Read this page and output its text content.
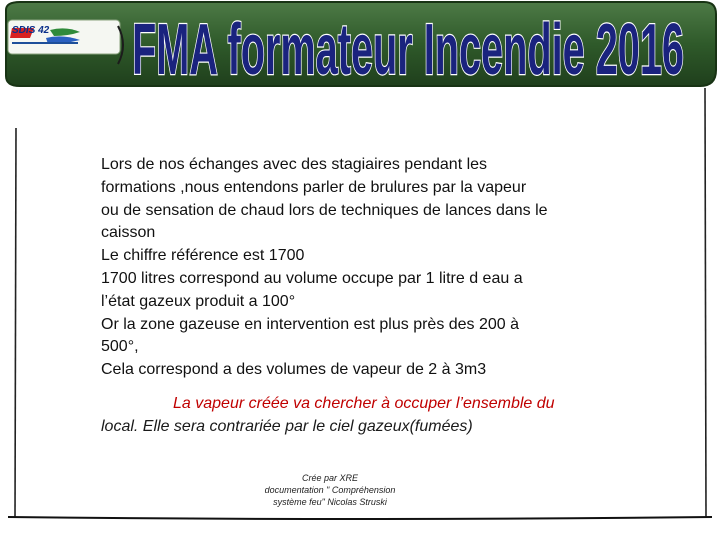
SDIS 42 FMA formateur Incendie 2016
Lors de nos échanges avec des stagiaires pendant les
formations ,nous entendons parler de brulures par la vapeur
ou de sensation de chaud lors de techniques de lances dans le
caisson
Le chiffre référence est 1700
1700 litres correspond au volume occupe par 1 litre d eau a
l’état gazeux produit a 100°
Or la zone gazeuse en intervention est plus près des 200 à
500°,
Cela correspond a des volumes de vapeur de 2 à 3m3
La vapeur créée va chercher à occuper l’ensemble du
local. Elle sera contrariée par le ciel gazeux(fumées)
Crée par XRE
documentation " Compréhension
système feu" Nicolas Struski
